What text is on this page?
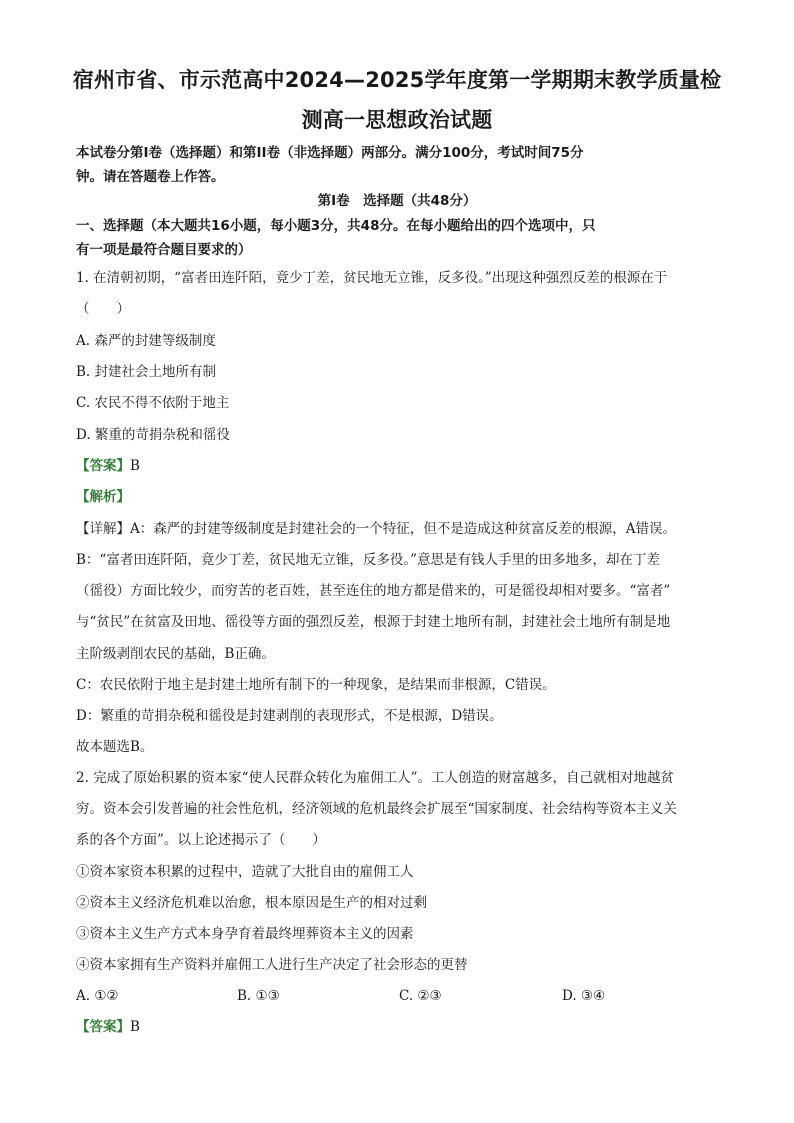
宿州市省、市示范高中2024—2025学年度第一学期期末教学质量检
测高一思想政治试题
本试卷分第Ⅰ卷（选择题）和第II卷（非选择题）两部分。满分100分，考试时间75分
钟。请在答题卷上作答。
第Ⅰ卷　选择题（共48分）
一、选择题（本大题共16小题，每小题3分，共48分。在每小题给出的四个选项中，只
有一项是最符合题目要求的）
1. 在清朝初期，“富者田连阡陌，竟少丁差，贫民地无立锥，反多役。”出现这种强烈反差的根源在于
（　　）
A. 森严的封建等级制度
B. 封建社会土地所有制
C. 农民不得不依附于地主
D. 繁重的苛捐杂税和徭役
【答案】B
【解析】
【详解】A：森严的封建等级制度是封建社会的一个特征，但不是造成这种贫富反差的根源，A错误。
B：“富者田连阡陌，竟少丁差，贫民地无立锥，反多役。”意思是有钱人手里的田多地多，却在丁差
（徭役）方面比较少，而穷苦的老百姓，甚至连住的地方都是借来的，可是徭役却相对要多。“富者”
与“贫民”在贫富及田地、徭役等方面的强烈反差，根源于封建土地所有制，封建社会土地所有制是地
主阶级剥削农民的基础，B正确。
C：农民依附于地主是封建土地所有制下的一种现象，是结果而非根源，C错误。
D：繁重的苛捐杂税和徭役是封建剥削的表现形式，不是根源，D错误。
故本题选B。
2. 完成了原始积累的资本家“使人民群众转化为雇佣工人”。工人创造的财富越多，自己就相对地越贫
穷。资本会引发普遍的社会性危机，经济领域的危机最终会扩展至“国家制度、社会结构等资本主义关
系的各个方面”。以上论述揭示了（　　）
①资本家资本积累的过程中，造就了大批自由的雇佣工人
②资本主义经济危机难以治愈，根本原因是生产的相对过剩
③资本主义生产方式本身孕育着最终埋葬资本主义的因素
④资本家拥有生产资料并雇佣工人进行生产决定了社会形态的更替
A. ①②	B. ①③	C. ②③	D. ③④
【答案】B
